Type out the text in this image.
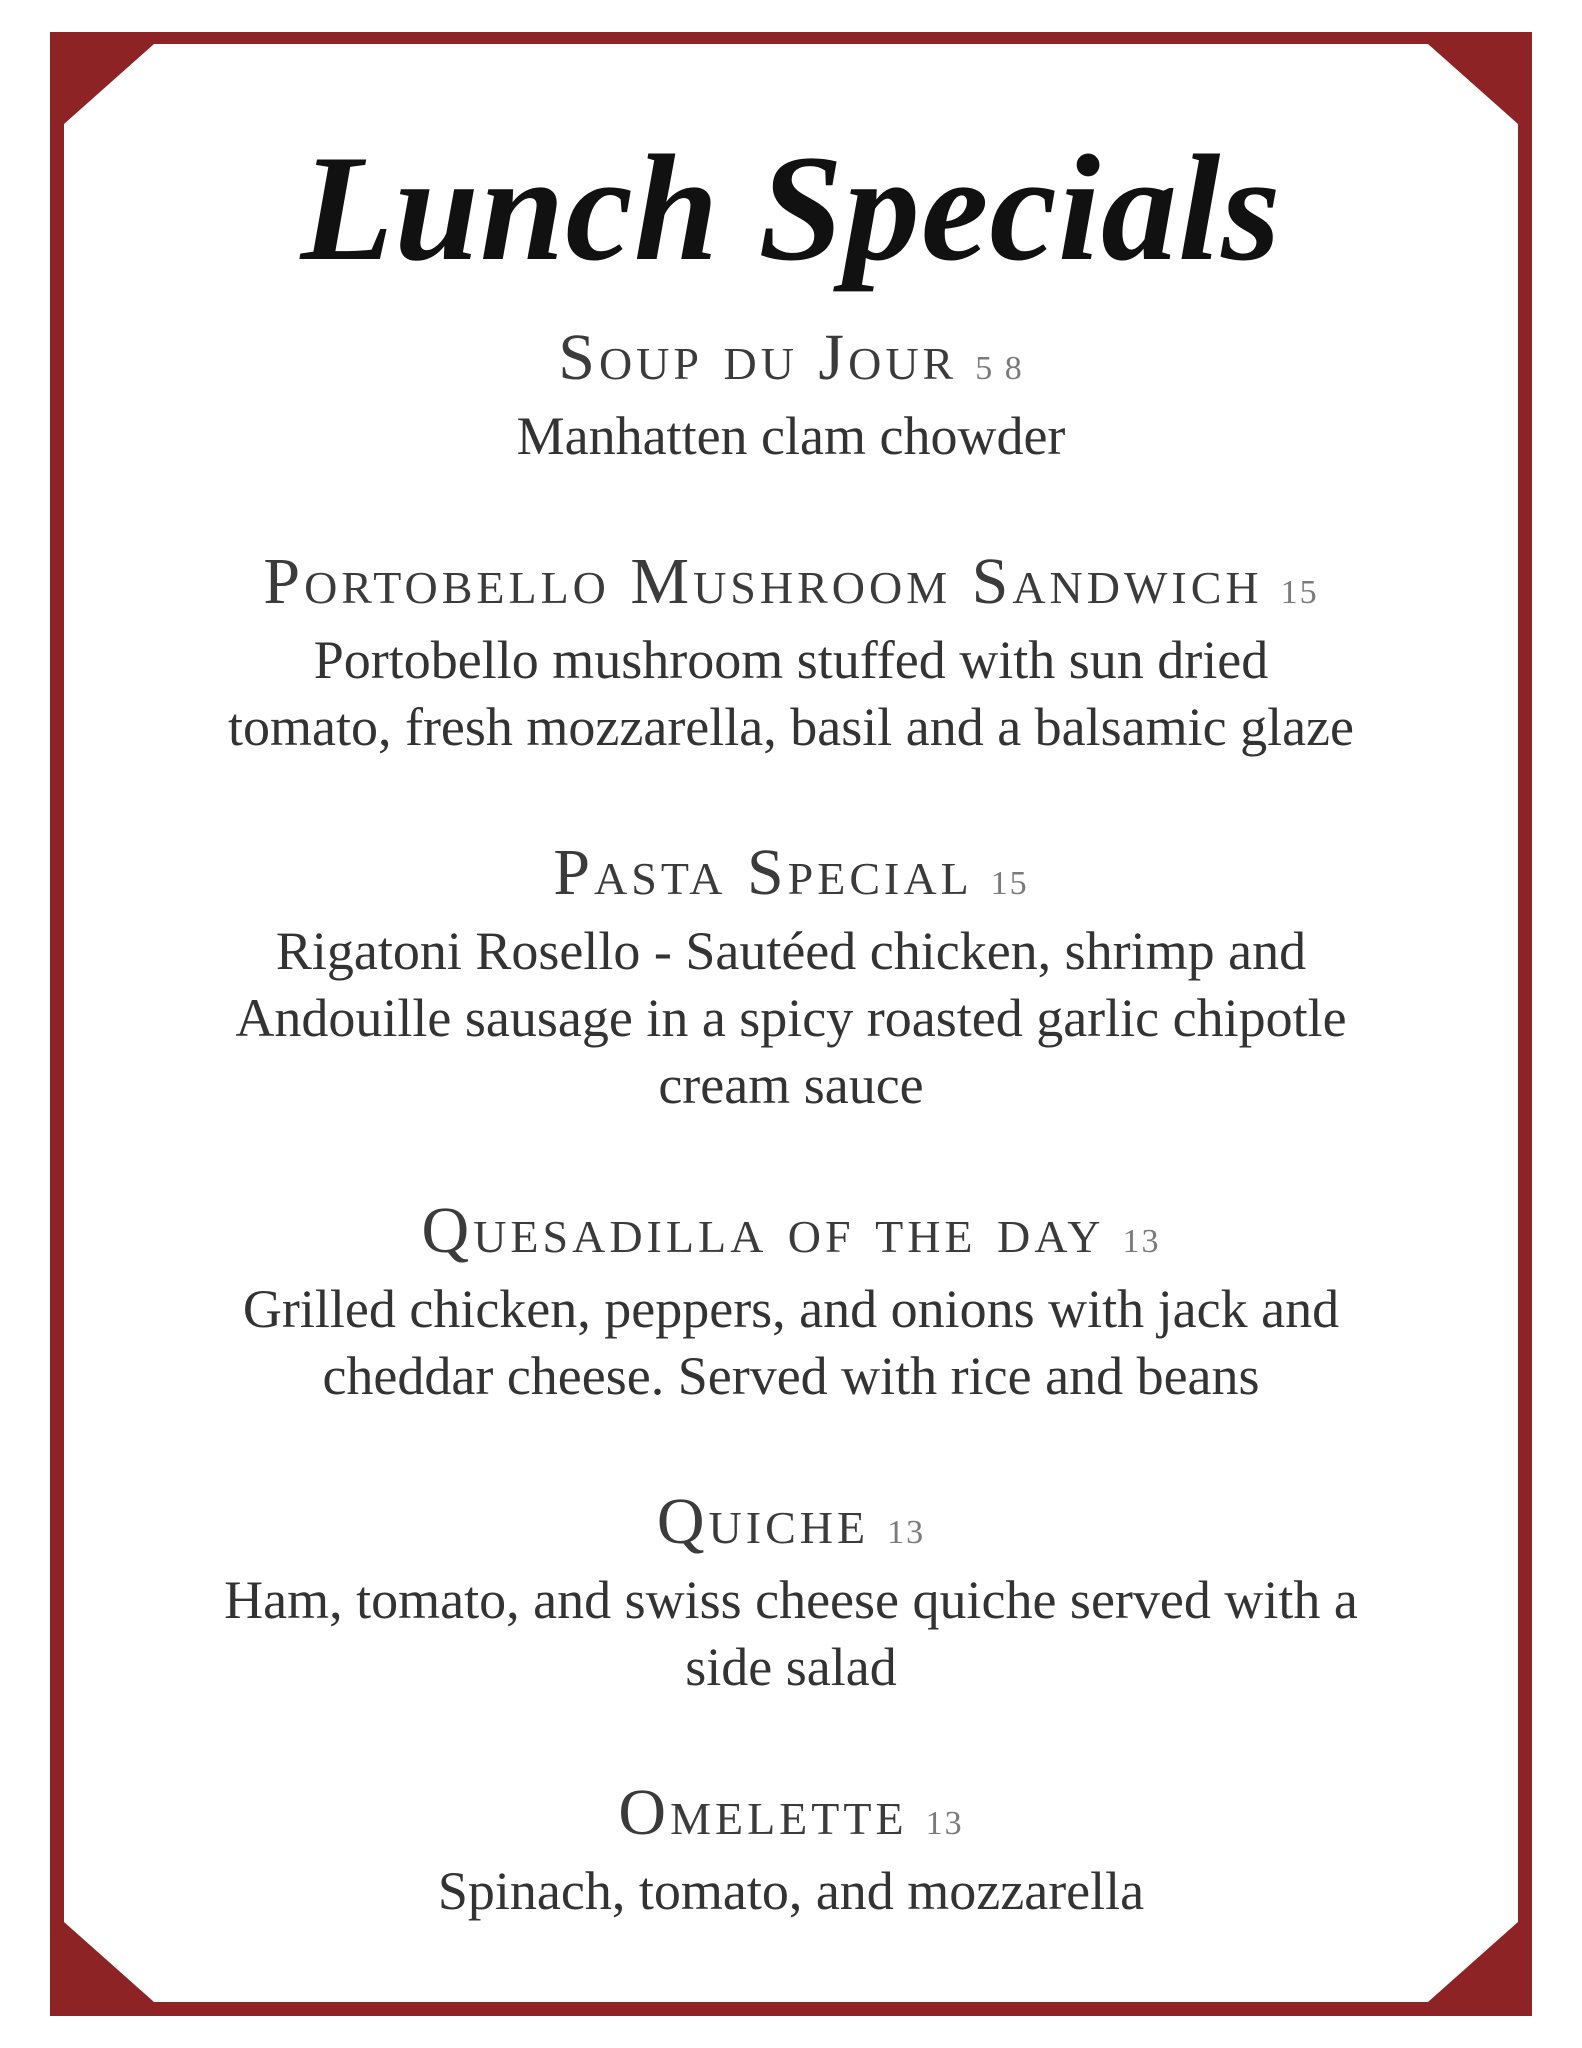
Lunch Specials
Soup du Jour 5 8

Manhatten clam chowder

Portobello Mushroom Sandwich 15

Portobello mushroom stuffed with sun dried

tomato, fresh mozzarella, basil and a balsamic glaze

Pasta Special 15

Rigatoni Rosello - Sautéed chicken, shrimp and

Andouille sausage in a spicy roasted garlic chipotle

cream sauce

Quesadilla of the day 13

Grilled chicken, peppers, and onions with jack and

cheddar cheese. Served with rice and beans

Quiche 13

Ham, tomato, and swiss cheese quiche served with a

side salad

Omelette 13

Spinach, tomato, and mozzarella
